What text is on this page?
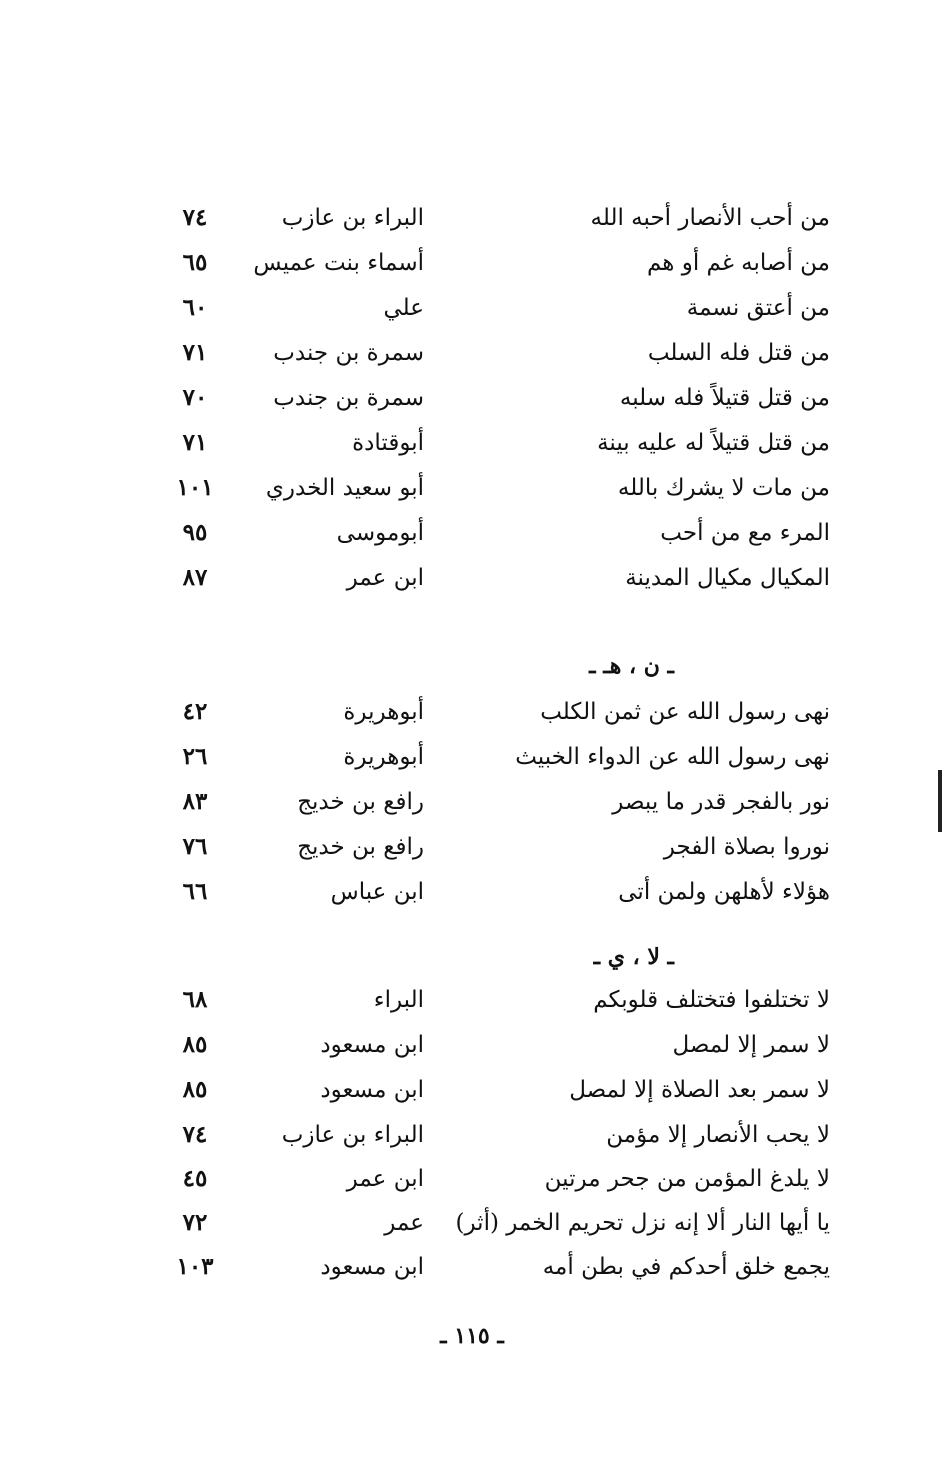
من أحب الأنصار أحبه الله
البراء بن عازب
٧٤
من أصابه غم أو هم
أسماء بنت عميس
٦٥
من أعتق نسمة
علي
٦٠
من قتل فله السلب
سمرة بن جندب
٧١
من قتل قتيلاً فله سلبه
سمرة بن جندب
٧٠
من قتل قتيلاً له عليه بينة
أبوقتادة
٧١
من مات لا يشرك بالله
أبو سعيد الخدري
١٠١
المرء مع من أحب
أبوموسى
٩٥
المكيال مكيال المدينة
ابن عمر
٨٧
ـ ن ، هـ ـ
نهى رسول الله عن ثمن الكلب
أبوهريرة
٤٢
نهى رسول الله عن الدواء الخبيث
أبوهريرة
٢٦
نور بالفجر قدر ما يبصر
رافع بن خديج
٨٣
نوروا بصلاة الفجر
رافع بن خديج
٧٦
هؤلاء لأهلهن ولمن أتى
ابن عباس
٦٦
ـ لا ، ي ـ
لا تختلفوا فتختلف قلوبكم
البراء
٦٨
لا سمر إلا لمصل
ابن مسعود
٨٥
لا سمر بعد الصلاة إلا لمصل
ابن مسعود
٨٥
لا يحب الأنصار إلا مؤمن
البراء بن عازب
٧٤
لا يلدغ المؤمن من جحر مرتين
ابن عمر
٤٥
يا أيها النار ألا إنه نزل تحريم الخمر (أثر)
عمر
٧٢
يجمع خلق أحدكم في بطن أمه
ابن مسعود
١٠٣
ـ ١١٥ ـ
